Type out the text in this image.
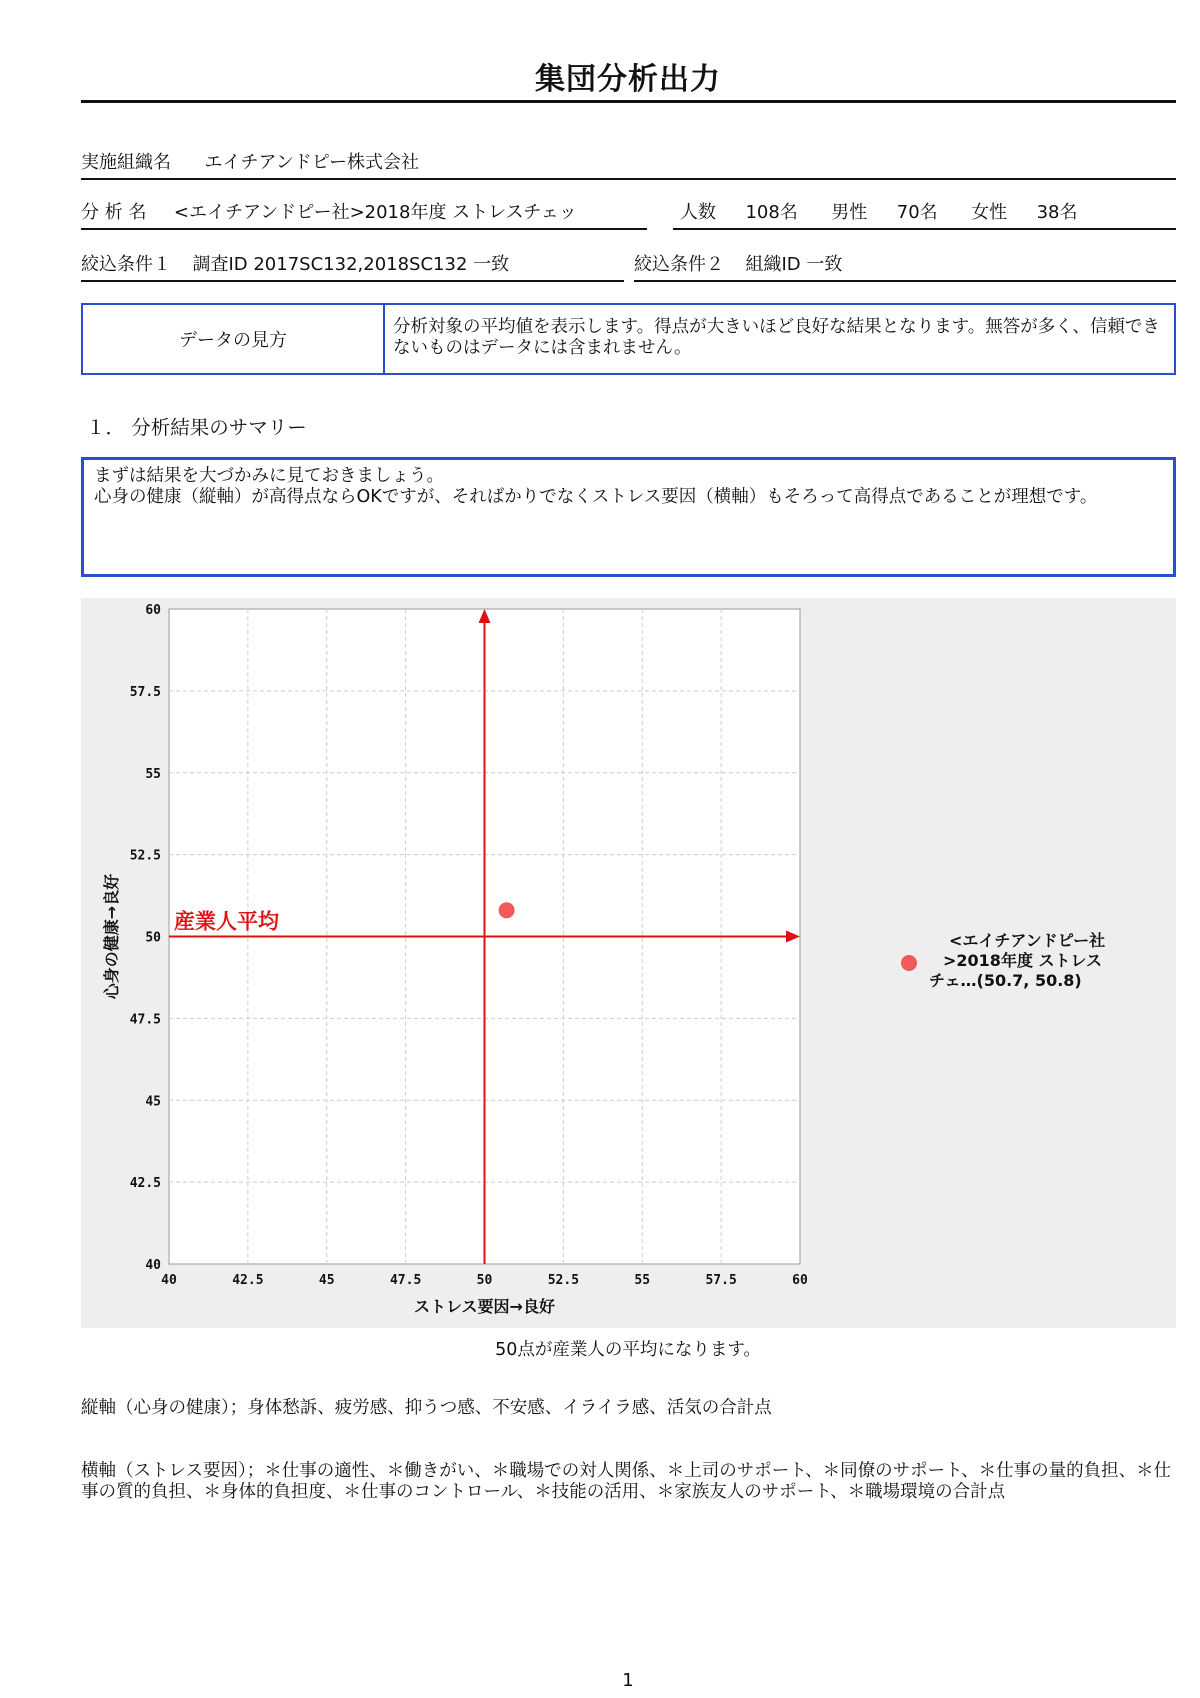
集団分析出力
実施組織名 エイチアンドピー株式会社
分 析 名 <エイチアンドピー社>2018年度 ストレスチェッ	人数 108名 男性 70名 女性 38名
絞込条件１ 調査ID 2017SC132,2018SC132 一致	絞込条件２ 組織ID 一致
データの見方
分析対象の平均値を表示します。得点が大きいほど良好な結果となります。無答が多く、信頼できないものはデータには含まれません。
１． 分析結果のサマリー
まずは結果を大づかみに見ておきましょう。
心身の健康（縦軸）が高得点ならOKですが、そればかりでなくストレス要因（横軸）もそろって高得点であることが理想です。
40	42.5	45	47.5	50	52.5	55	57.5	60
40
42.5
45
47.5
50
52.5
55
57.5
60
産業人平均
ストレス要因→良好
心身の健康→良好	<エイチアンドピー社
>2018年度 ストレス
チェ…(50.7, 50.8)
50点が産業人の平均になります。
縦軸（心身の健康）；身体愁訴、疲労感、抑うつ感、不安感、イライラ感、活気の合計点
横軸（ストレス要因）；＊仕事の適性、＊働きがい、＊職場での対人関係、＊上司のサポート、＊同僚のサポート、＊仕事の量的負担、＊仕事の質的負担、＊身体的負担度、＊仕事のコントロール、＊技能の活用、＊家族友人のサポート、＊職場環境の合計点
1
